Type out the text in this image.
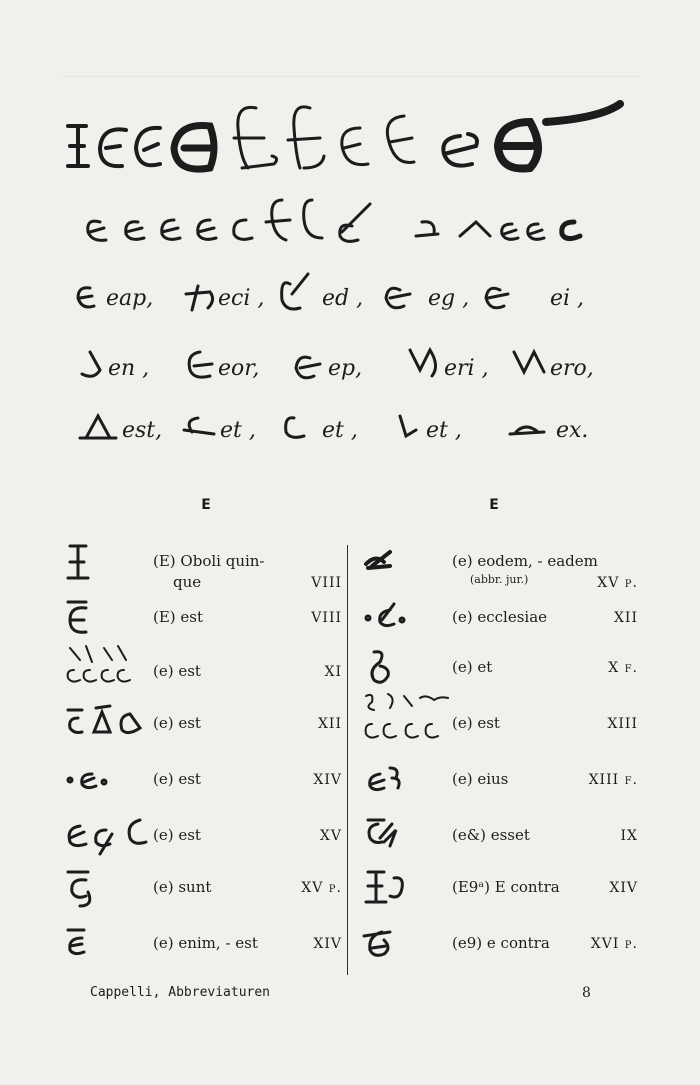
eap,	eci ,	ed ,	eg ,	ei ,
en ,	eor,	ep,	eri ,	ero,
est,	et ,	et ,	et ,	ex.
E	E
(E) Oboli quin-
que	VIII
(E) est	VIII
(e) est	XI
(e) est	XII
(e) est	XIV
(e) est	XV
(e) sunt	XV p.
(e) enim, - est	XIV
(e) eodem, - eadem
(abbr. jur.)	XV p.
(e) ecclesiae	XII
(e) et	X f.
(e) est	XIII
(e) eius	XIII f.
(e&) esset	IX
(E9ᵃ) E contra	XIV
(e9) e contra	XVI p.
Cappelli, Abbreviaturen	8
